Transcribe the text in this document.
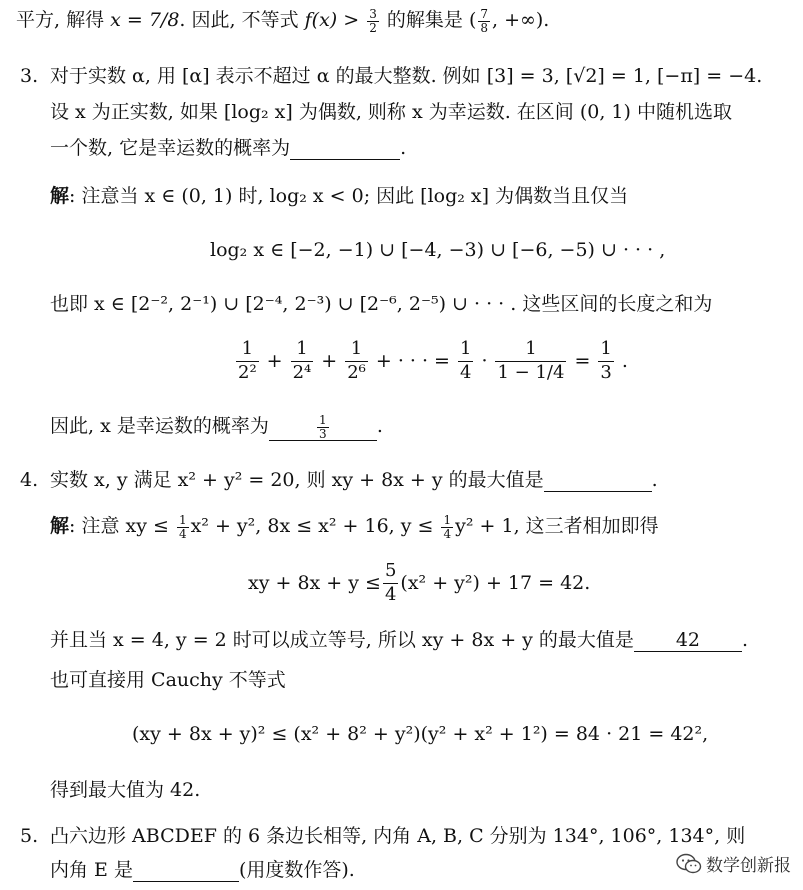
平方, 解得 x = 7/8. 因此, 不等式 $f(x) > \frac{3}{2}$ 的解集是 ( $\frac{7}{8}$ , +∞).
3. 对于实数 α, 用 [α] 表示不超过 α 的最大整数. 例如 [3] = 3, [√2] = 1, [−π] = −4.
设 x 为正实数, 如果 [log₂ x] 为偶数, 则称 x 为幸运数. 在区间 (0, 1) 中随机选取
一个数, 它是幸运数的概率为	.
解: 注意当 x ∈ (0, 1) 时, log₂ x < 0; 因此 [log₂ x] 为偶数当且仅当
log₂ x ∈ [−2, −1) ∪ [−4, −3) ∪ [−6, −5) ∪ · · · ,
也即 x ∈ [2⁻², 2⁻¹) ∪ [2⁻⁴, 2⁻³) ∪ [2⁻⁶, 2⁻⁵) ∪ · · · . 这些区间的长度之和为
1
2²
+ $\frac{1}{\text{2⁴}} + \frac{1}{\text{2⁶}}$ + · · · = $\frac{1}{4} \cdot \frac{1}{1 - 1/4} = \frac{1}{3}$ .
因此, x 是幸运数的概率为	$\frac{1}{3}$	.
4. 实数 x, y 满足 x² + y² = 20, 则 xy + 8x + y 的最大值是	.
解: 注意 xy ≤ $\frac{1}{4} x^2 + y^2$, 8x ≤ x² + 16, $y \le \frac{1}{4} y^2 + 1$, 这三者相加即得
xy + $8x + y \le \frac{5}{4} (x^2 + y^2) + 17 = 42$.
并且当 x = 4, y = 2 时可以成立等号, 所以 xy + 8x + y 的最大值是 42 .
也可直接用 Cauchy 不等式
(xy + 8x + y)² ≤ (x² + 8² + y²)(y² + x² + 1²) = 84 · 21 = 42²,
得到最大值为 42.
5. 凸六边形 ABCDEF 的 6 条边长相等, 内角 A, B, C 分别为 134°, 106°, 134°, 则
内角 E 是	(用度数作答).	数学创新报
